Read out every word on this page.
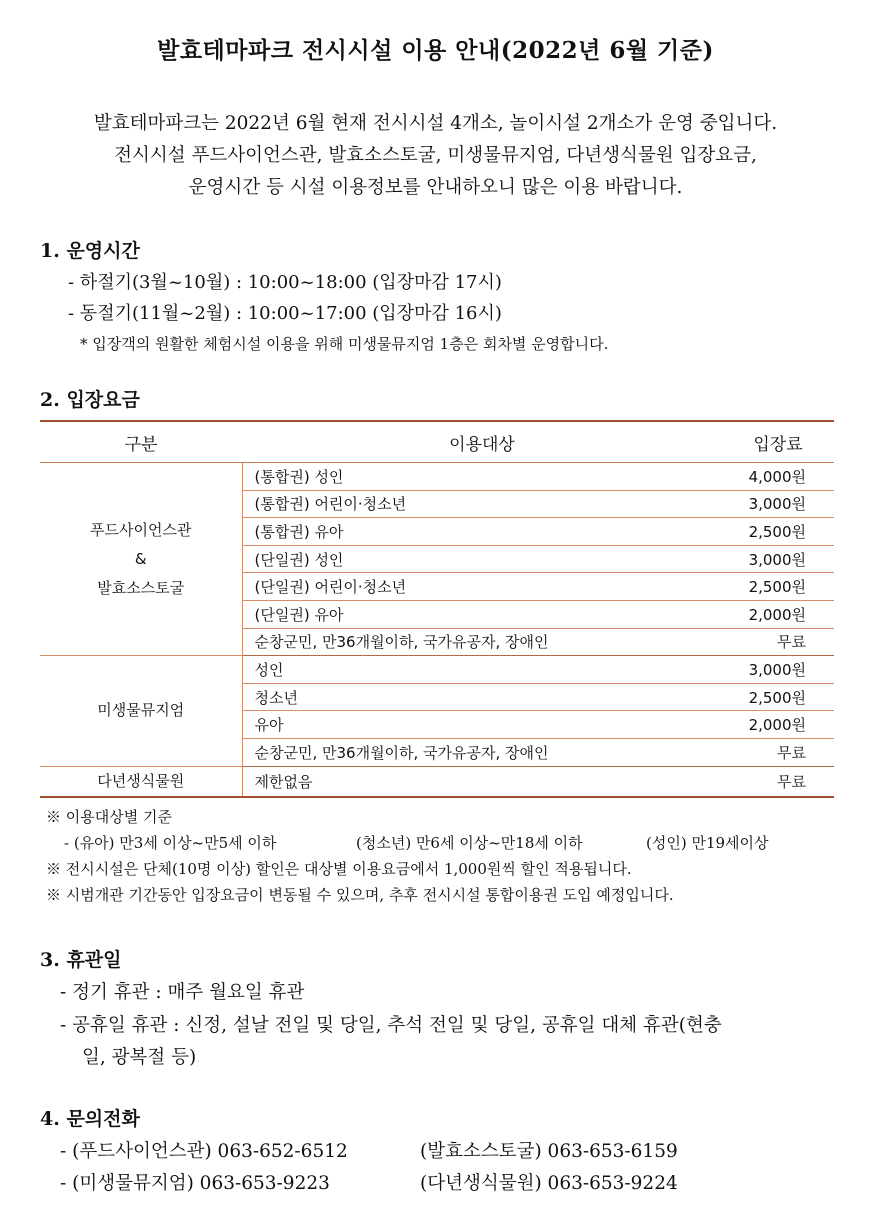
발효테마파크 전시시설 이용 안내(2022년 6월 기준)
발효테마파크는 2022년 6월 현재 전시시설 4개소, 놀이시설 2개소가 운영 중입니다.
전시시설 푸드사이언스관, 발효소스토굴, 미생물뮤지엄, 다년생식물원 입장요금,
운영시간 등 시설 이용정보를 안내하오니 많은 이용 바랍니다.
1. 운영시간
- 하절기(3월~10월) : 10:00~18:00 (입장마감 17시)
- 동절기(11월~2월) : 10:00~17:00 (입장마감 16시)
* 입장객의 원활한 체험시설 이용을 위해 미생물뮤지엄 1층은 회차별 운영합니다.
2. 입장요금
구분	이용대상	입장료

푸드사이언스관
&
발효소스토굴	(통합권) 성인	4,000원
	(통합권) 어린이·청소년	3,000원
	(통합권) 유아	2,500원
	(단일권) 성인	3,000원
	(단일권) 어린이·청소년	2,500원
	(단일권) 유아	2,000원
	순창군민, 만36개월이하, 국가유공자, 장애인	무료

미생물뮤지엄	성인	3,000원
	청소년	2,500원
	유아	2,000원
	순창군민, 만36개월이하, 국가유공자, 장애인	무료

다년생식물원	제한없음	무료
※ 이용대상별 기준
- (유아) 만3세 이상~만5세 이하	(청소년) 만6세 이상~만18세 이하	(성인) 만19세이상
※ 전시시설은 단체(10명 이상) 할인은 대상별 이용요금에서 1,000원씩 할인 적용됩니다.
※ 시범개관 기간동안 입장요금이 변동될 수 있으며, 추후 전시시설 통합이용권 도입 예정입니다.
3. 휴관일
- 정기 휴관 : 매주 월요일 휴관
- 공휴일 휴관 : 신정, 설날 전일 및 당일, 추석 전일 및 당일, 공휴일 대체 휴관(현충
일, 광복절 등)
4. 문의전화
- (푸드사이언스관) 063-652-6512	(발효소스토굴) 063-653-6159
- (미생물뮤지엄) 063-653-9223	(다년생식물원) 063-653-9224
